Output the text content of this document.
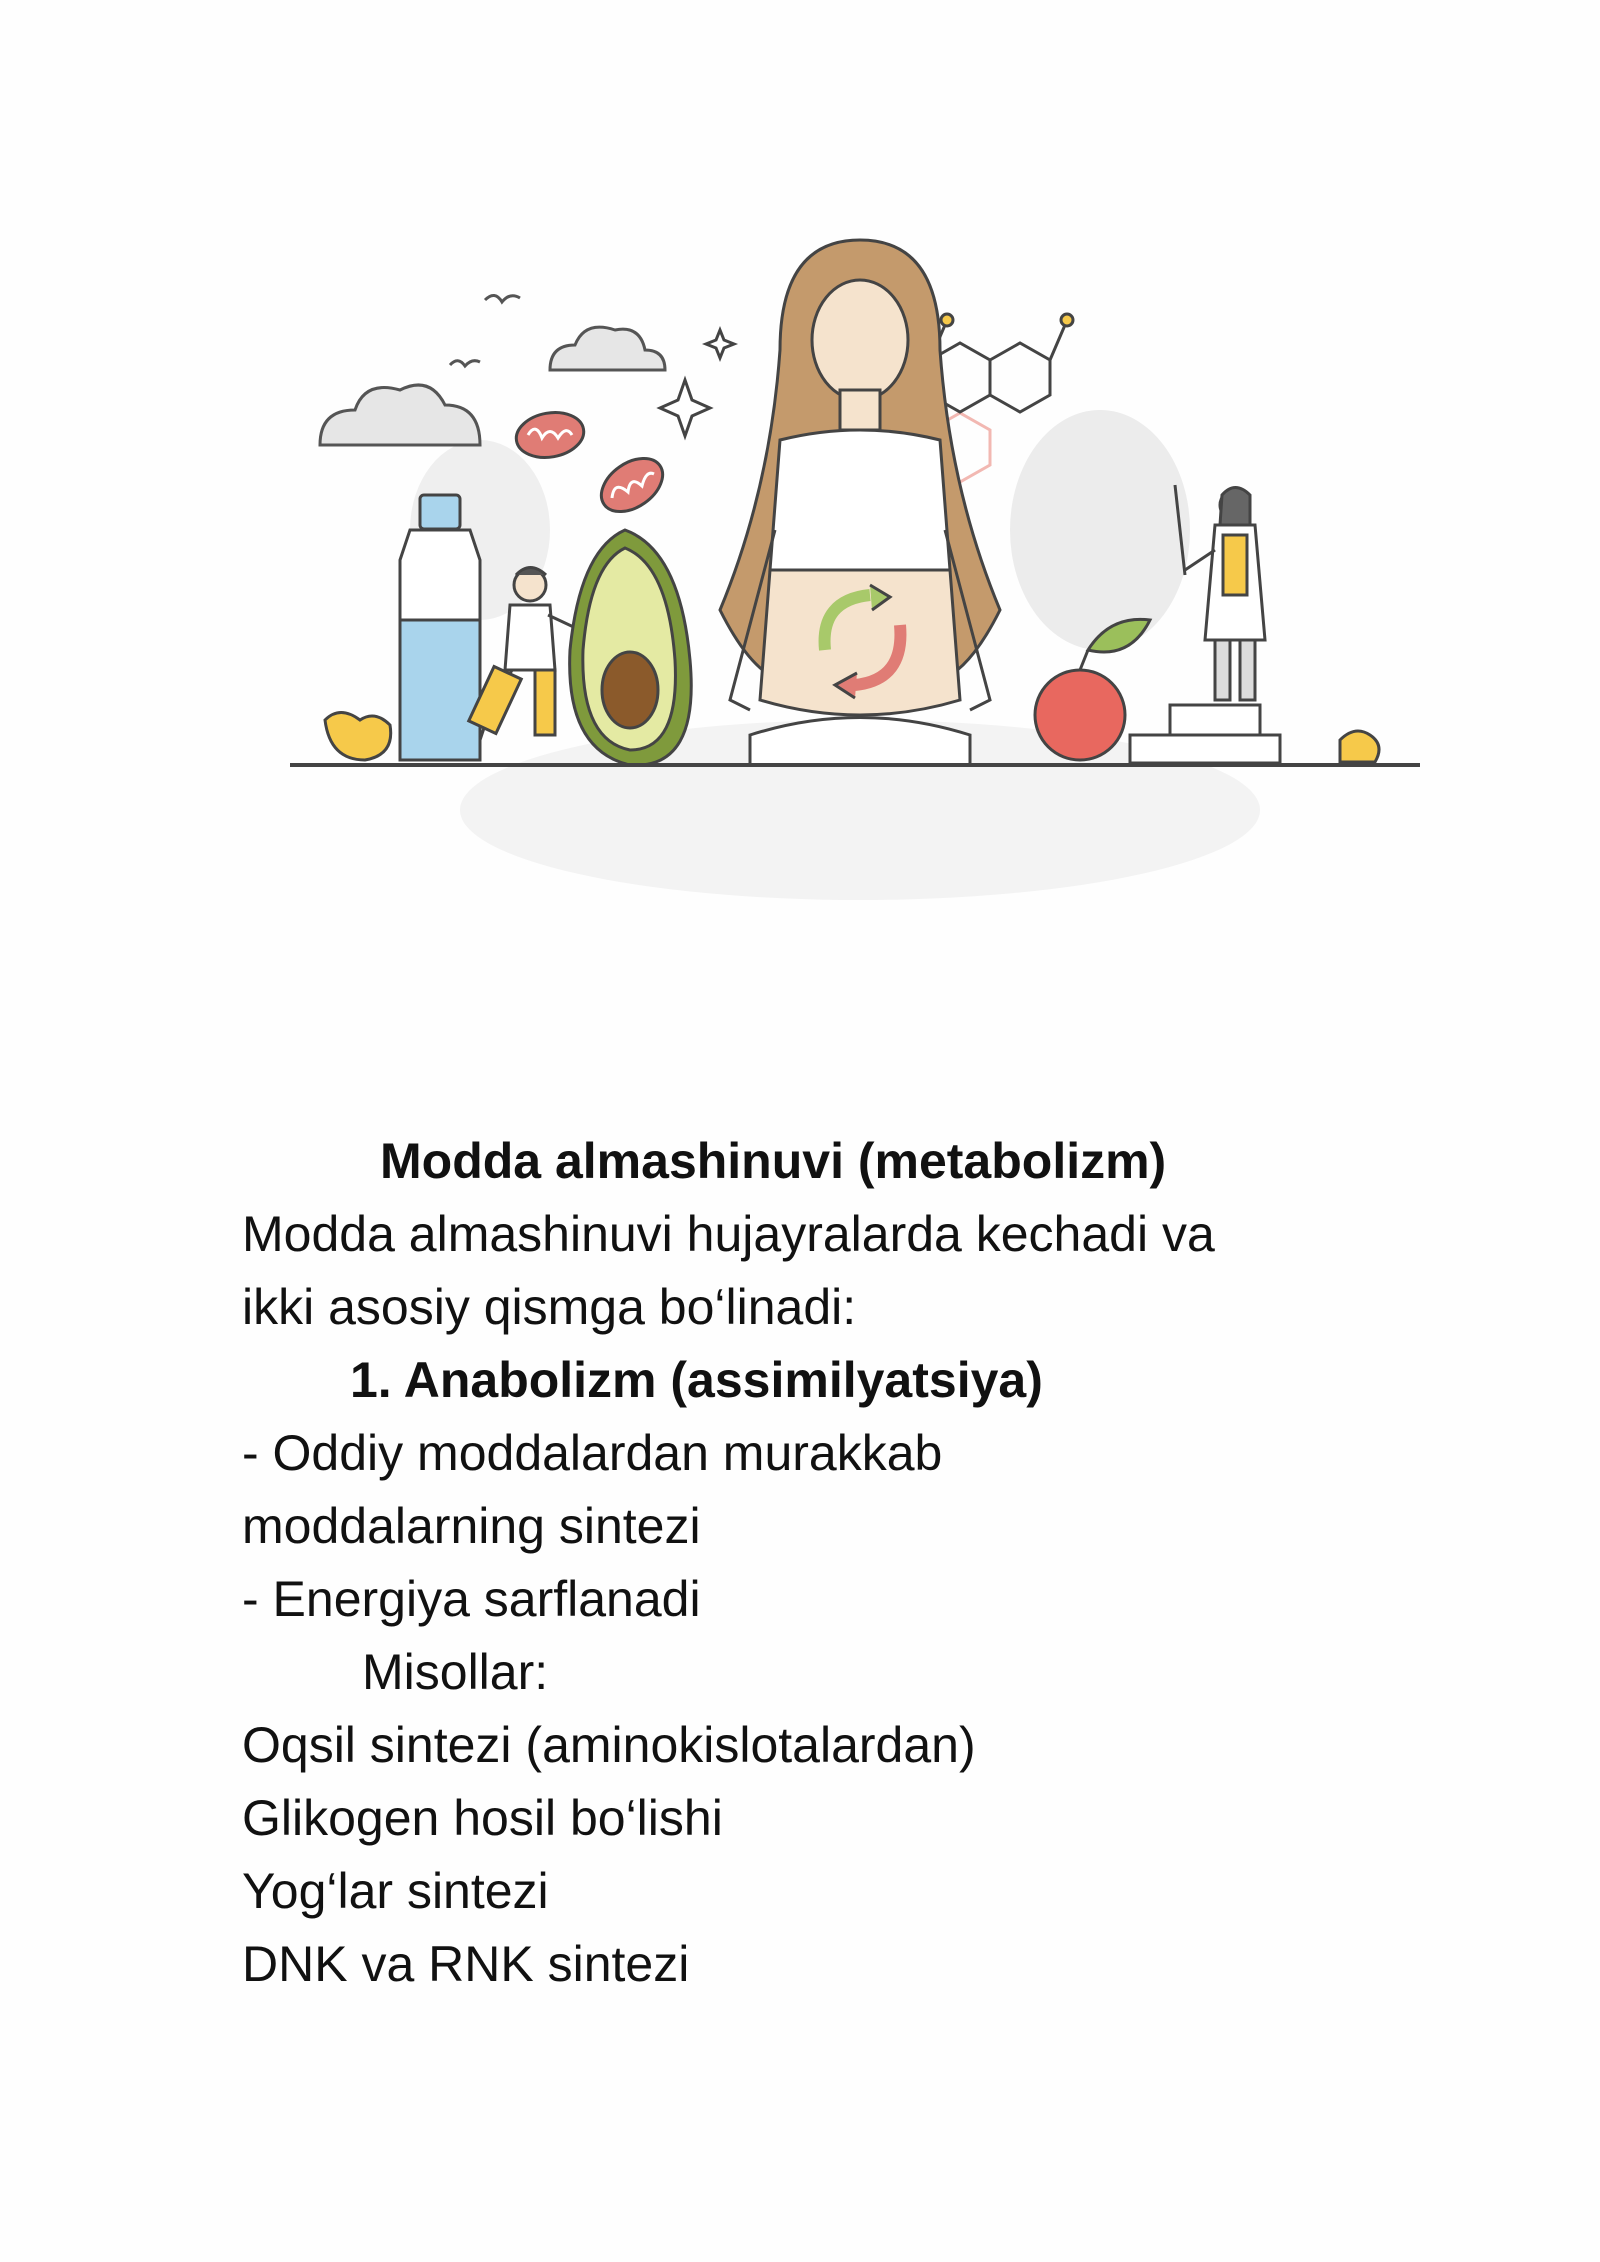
Modda almashinuvi (metabolizm)
Modda almashinuvi hujayralarda kechadi va
ikki asosiy qismga bo‘linadi:
1. Anabolizm (assimilyatsiya)
- Oddiy moddalardan murakkab
moddalarning sintezi
- Energiya sarflanadi
Misollar:
Oqsil sintezi (aminokislotalardan)
Glikogen hosil bo‘lishi
Yog‘lar sintezi
DNK va RNK sintezi
